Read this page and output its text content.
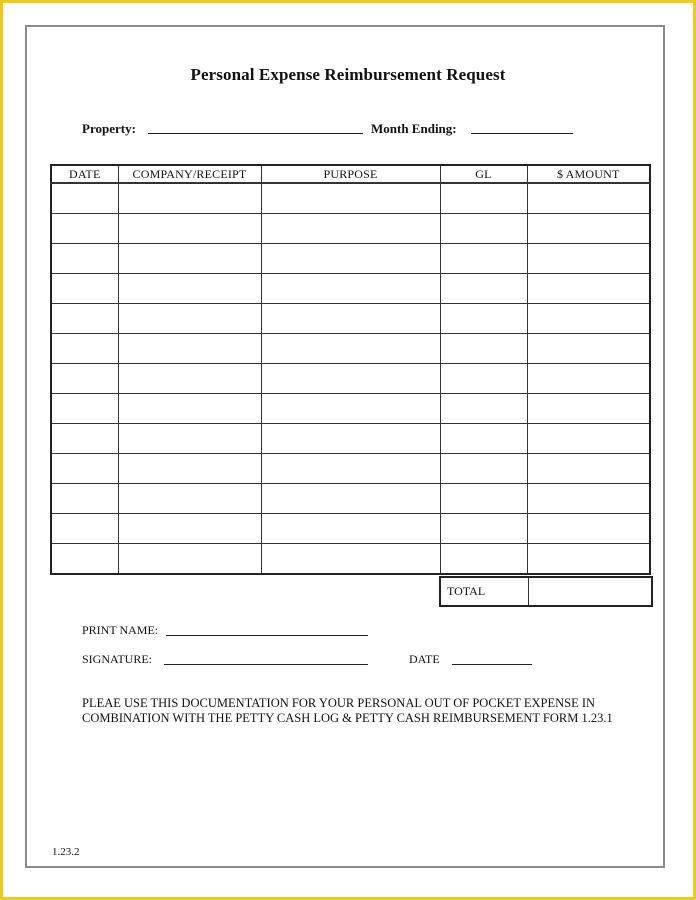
Personal Expense Reimbursement Request
Property:	Month Ending:
DATE	COMPANY/RECEIPT	PURPOSE	GL	$ AMOUNT

TOTAL	
PRINT NAME:
SIGNATURE:	DATE
PLEAE USE THIS DOCUMENTATION FOR YOUR PERSONAL OUT OF POCKET EXPENSE IN COMBINATION WITH THE PETTY CASH LOG & PETTY CASH REIMBURSEMENT FORM 1.23.1
1.23.2
